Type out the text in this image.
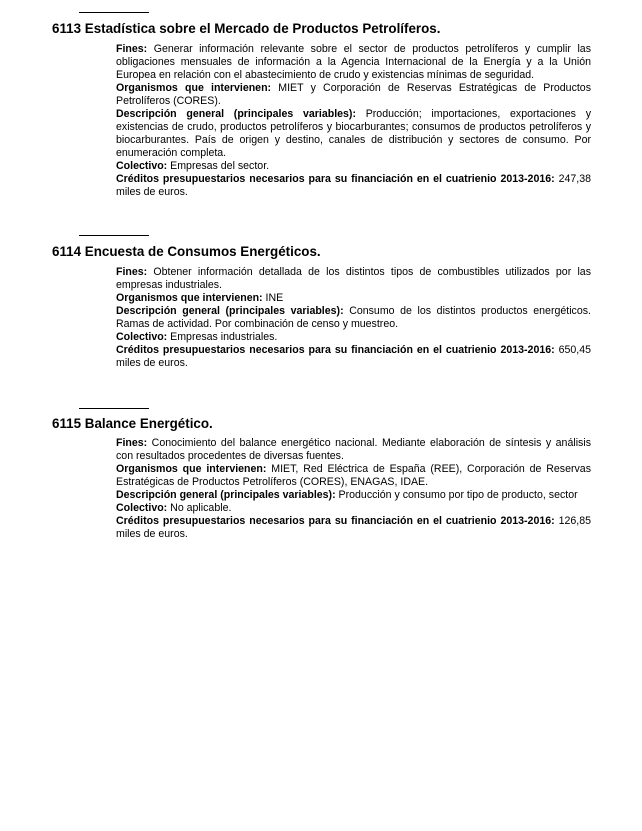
6113 Estadística sobre el Mercado de Productos Petrolíferos.

Fines: Generar información relevante sobre el sector de productos petrolíferos y cumplir las obligaciones mensuales de información a la Agencia Internacional de la Energía y a la Unión Europea en relación con el abastecimiento de crudo y existencias mínimas de seguridad.

Organismos que intervienen: MIET y Corporación de Reservas Estratégicas de Productos Petrolíferos (CORES).

Descripción general (principales variables): Producción; importaciones, exportaciones y existencias de crudo, productos petrolíferos y biocarburantes; consumos de productos petrolíferos y biocarburantes. País de origen y destino, canales de distribución y sectores de consumo. Por enumeración completa.

Colectivo: Empresas del sector.

Créditos presupuestarios necesarios para su financiación en el cuatrienio 2013-2016: 247,38 miles de euros.

6114 Encuesta de Consumos Energéticos.

Fines: Obtener información detallada de los distintos tipos de combustibles utilizados por las empresas industriales.

Organismos que intervienen: INE

Descripción general (principales variables): Consumo de los distintos productos energéticos. Ramas de actividad. Por combinación de censo y muestreo.

Colectivo: Empresas industriales.

Créditos presupuestarios necesarios para su financiación en el cuatrienio 2013-2016: 650,45 miles de euros.

6115 Balance Energético.

Fines: Conocimiento del balance energético nacional. Mediante elaboración de síntesis y análisis con resultados procedentes de diversas fuentes.

Organismos que intervienen: MIET, Red Eléctrica de España (REE), Corporación de Reservas Estratégicas de Productos Petrolíferos (CORES), ENAGAS, IDAE.

Descripción general (principales variables): Producción y consumo por tipo de producto, sector

Colectivo: No aplicable.

Créditos presupuestarios necesarios para su financiación en el cuatrienio 2013-2016: 126,85 miles de euros.
